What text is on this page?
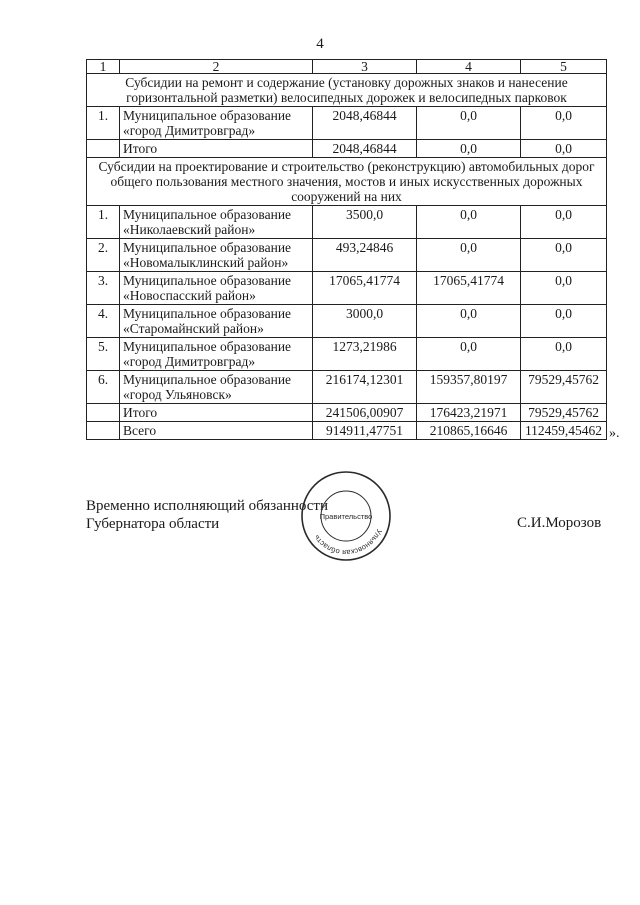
4
1	2	3	4	5
Субсидии на ремонт и содержание (установку дорожных знаков и нанесение горизонтальной разметки) велосипедных дорожек и велосипедных парковок				
1.	Муниципальное образование «город Димитровград»	2048,46844	0,0	0,0
	Итого	2048,46844	0,0	0,0
Субсидии на проектирование и строительство (реконструкцию) автомобильных дорог общего пользования местного значения, мостов и иных искусственных дорожных сооружений на них				
1.	Муниципальное образование «Николаевский район»	3500,0	0,0	0,0
2.	Муниципальное образование «Новомалыклинский район»	493,24846	0,0	0,0
3.	Муниципальное образование «Новоспасский район»	17065,41774	17065,41774	0,0
4.	Муниципальное образование «Старомайнский район»	3000,0	0,0	0,0
5.	Муниципальное образование «город Димитровград»	1273,21986	0,0	0,0
6.	Муниципальное образование «город Ульяновск»	216174,12301	159357,80197	79529,45762
	Итого	241506,00907	176423,21971	79529,45762
	Всего	914911,47751	210865,16646	112459,45462 ».
Временно исполняющий обязанности
Губернатора области	С.И.Морозов
Ульяновская область
Правительство
